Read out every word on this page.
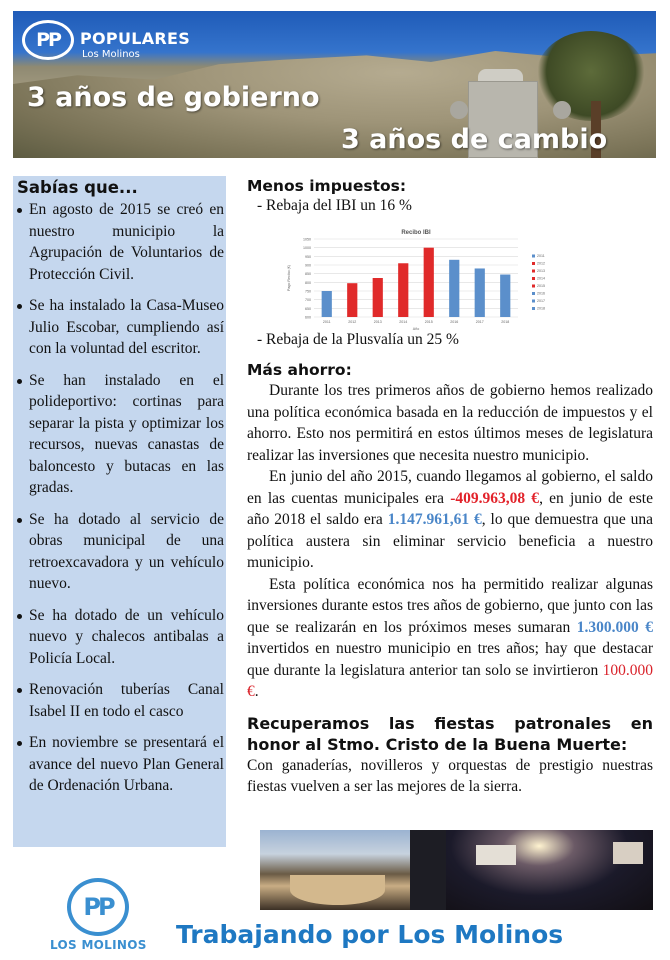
PP POPULARES
Los Molinos
3 años de gobierno
3 años de cambio
Sabías que...
En agosto de 2015 se creó en nuestro municipio la Agrupación de Voluntarios de Protección Civil.
Se ha instalado la Casa-Museo Julio Escobar, cumpliendo así con la voluntad del escritor.
Se han instalado en el polideportivo: cortinas para separar la pista y optimizar los recursos, nuevas canastas de baloncesto y butacas en las gradas.
Se ha dotado al servicio de obras municipal de una retroexcavadora y un vehículo nuevo.
Se ha dotado de un vehículo nuevo y chalecos antibalas a Policía Local.
Renovación tuberías Canal Isabel II en todo el casco
En noviembre se presentará el avance del nuevo Plan General de Ordenación Urbana.
Menos impuestos:
- Rebaja del IBI un 16 %
- Rebaja de la Plusvalía un 25 %
Más ahorro:

Durante los tres primeros años de gobierno hemos realizado una política económica basada en la reducción de impuestos y el ahorro. Esto nos permitirá en estos últimos meses de legislatura realizar las inversiones que necesita nuestro municipio.

En junio del año 2015, cuando llegamos al gobierno, el saldo en las cuentas municipales era -409.963,08 €, en junio de este año 2018 el saldo era 1.147.961,61 €, lo que demuestra que una política austera sin eliminar servicio beneficia a nuestro municipio.

Esta política económica nos ha permitido realizar algunas inversiones durante estos tres años de gobierno, que junto con las que se realizarán en los próximos meses sumaran 1.300.000 € invertidos en nuestro municipio en tres años; hay que destacar que durante la legislatura anterior tan solo se invirtieron 100.000 €.

Recuperamos las fiestas patronales en
honor al Stmo. Cristo de la Buena Muerte:

Con ganaderías, novilleros y orquestas de prestigio nuestras fiestas vuelven a ser las mejores de la sierra.

Recibo IBI
600
650
700
750
800
850
900
950
1000
1050
Pago Recibo (€)
2011	2012	2013	2014	2015	2016	2017	2018
Año
2011
2012
2013
2014
2015
2016
2017
2018
PP
LOS MOLINOS Trabajando por Los Molinos
